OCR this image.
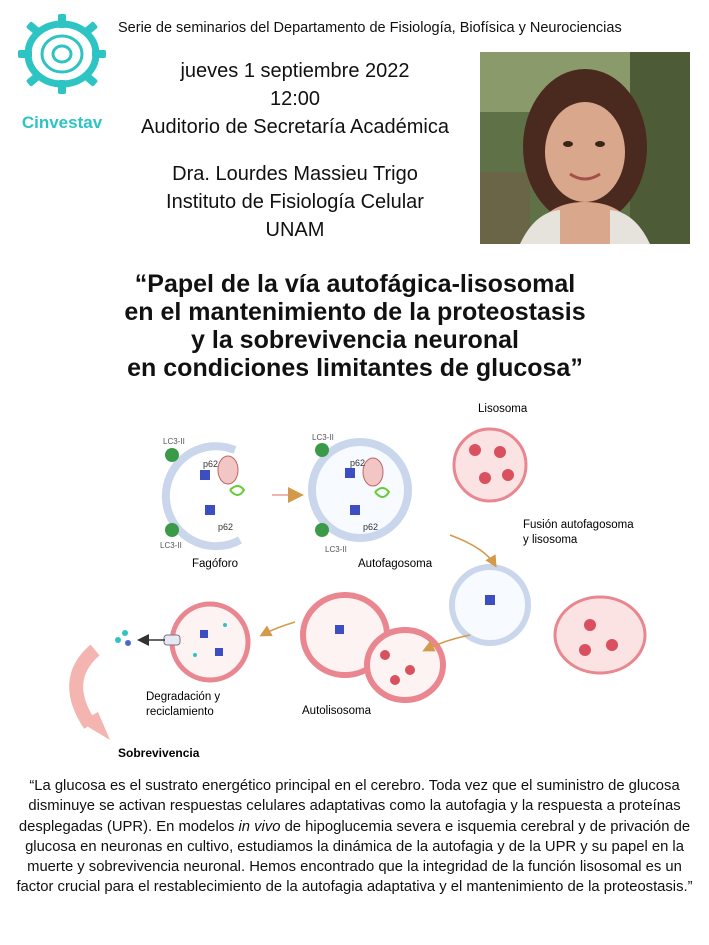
Cinvestav
Serie de seminarios del Departamento de Fisiología, Biofísica y Neurociencias
jueves 1 septiembre 2022
12:00
Auditorio de Secretaría Académica
Dra. Lourdes Massieu Trigo
Instituto de Fisiología Celular
UNAM
“Papel de la vía autofágica-lisosomal
en el mantenimiento de la proteostasis
y la sobrevivencia neuronal
en condiciones limitantes de glucosa”
Lisosoma
Fusión autofagosoma
y lisosoma
Fagóforo	Autofagosoma
Degradación y
reciclamiento	Autolisosoma
Sobrevivencia
LC3-II
LC3-II
LC3-II
LC3-II
p62
p62
p62
p62
“La glucosa es el sustrato energético principal en el cerebro. Toda vez que el suministro de glucosa disminuye se activan respuestas celulares adaptativas como la autofagia y la respuesta a proteínas desplegadas (UPR). En modelos in vivo de hipoglucemia severa e isquemia cerebral y de privación de glucosa en neuronas en cultivo, estudiamos la dinámica de la autofagia y de la UPR y su papel en la muerte y sobrevivencia neuronal. Hemos encontrado que la integridad de la función lisosomal es un factor crucial para el restablecimiento de la autofagia adaptativa y el mantenimiento de la proteostasis.”
